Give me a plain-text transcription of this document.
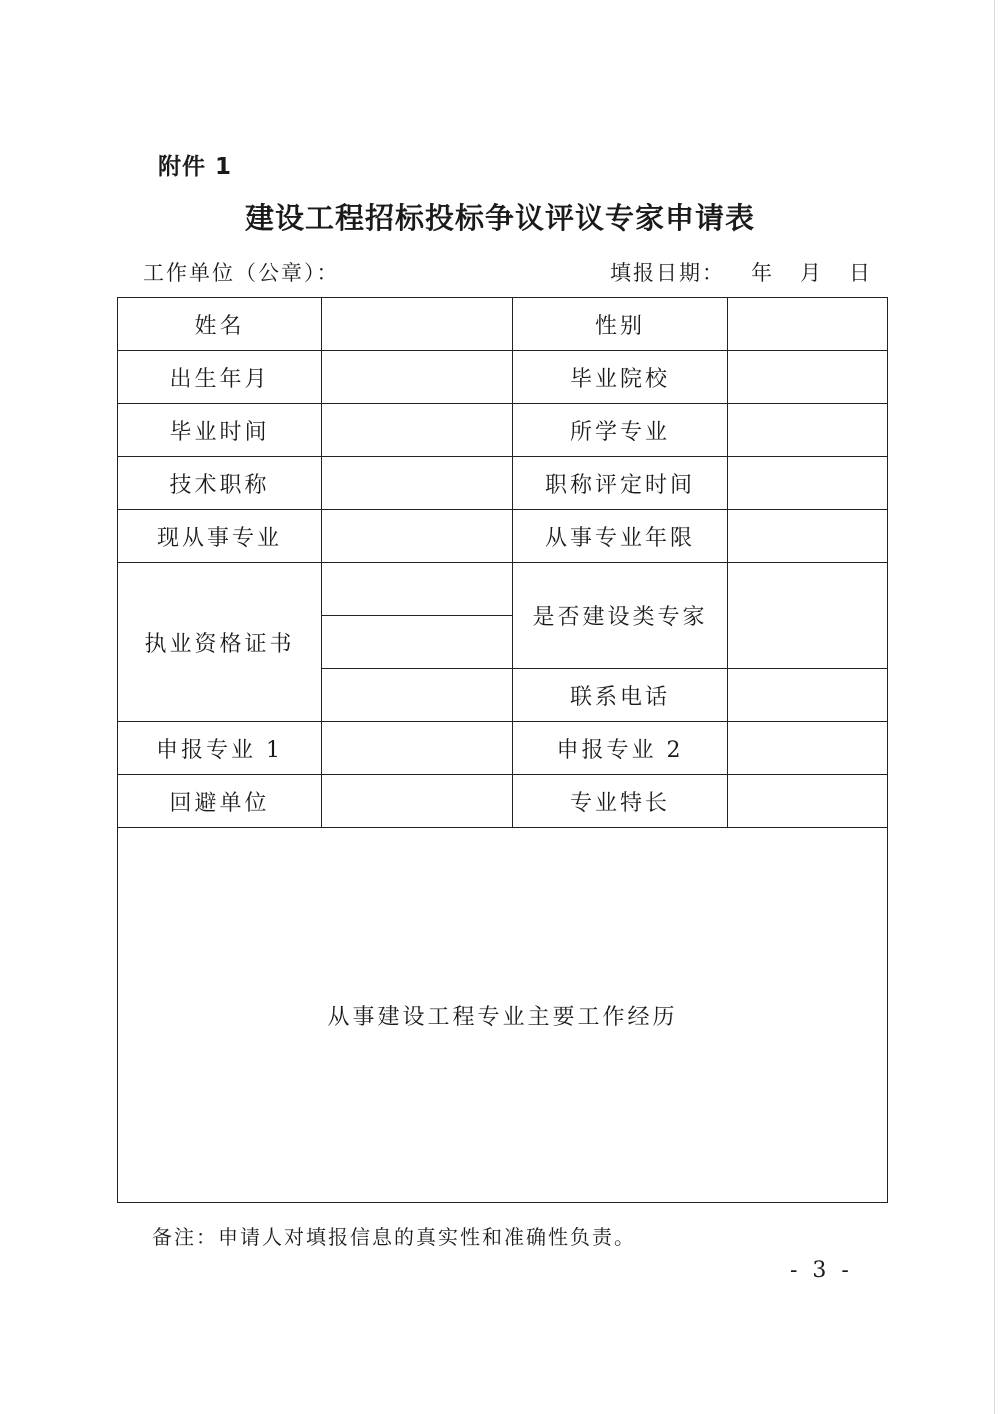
附件 1
建设工程招标投标争议评议专家申请表
工作单位（公章）：	填报日期： 年 月 日
姓名		性别	
出生年月		毕业院校	
毕业时间		所学专业	
技术职称		职称评定时间	
现从事专业		从事专业年限	
执业资格证书		是否建设类专家	

		联系电话	
申报专业 1		申报专业 2	
回避单位		专业特长	
从事建设工程专业主要工作经历			
备注：申请人对填报信息的真实性和准确性负责。
- 3 -
